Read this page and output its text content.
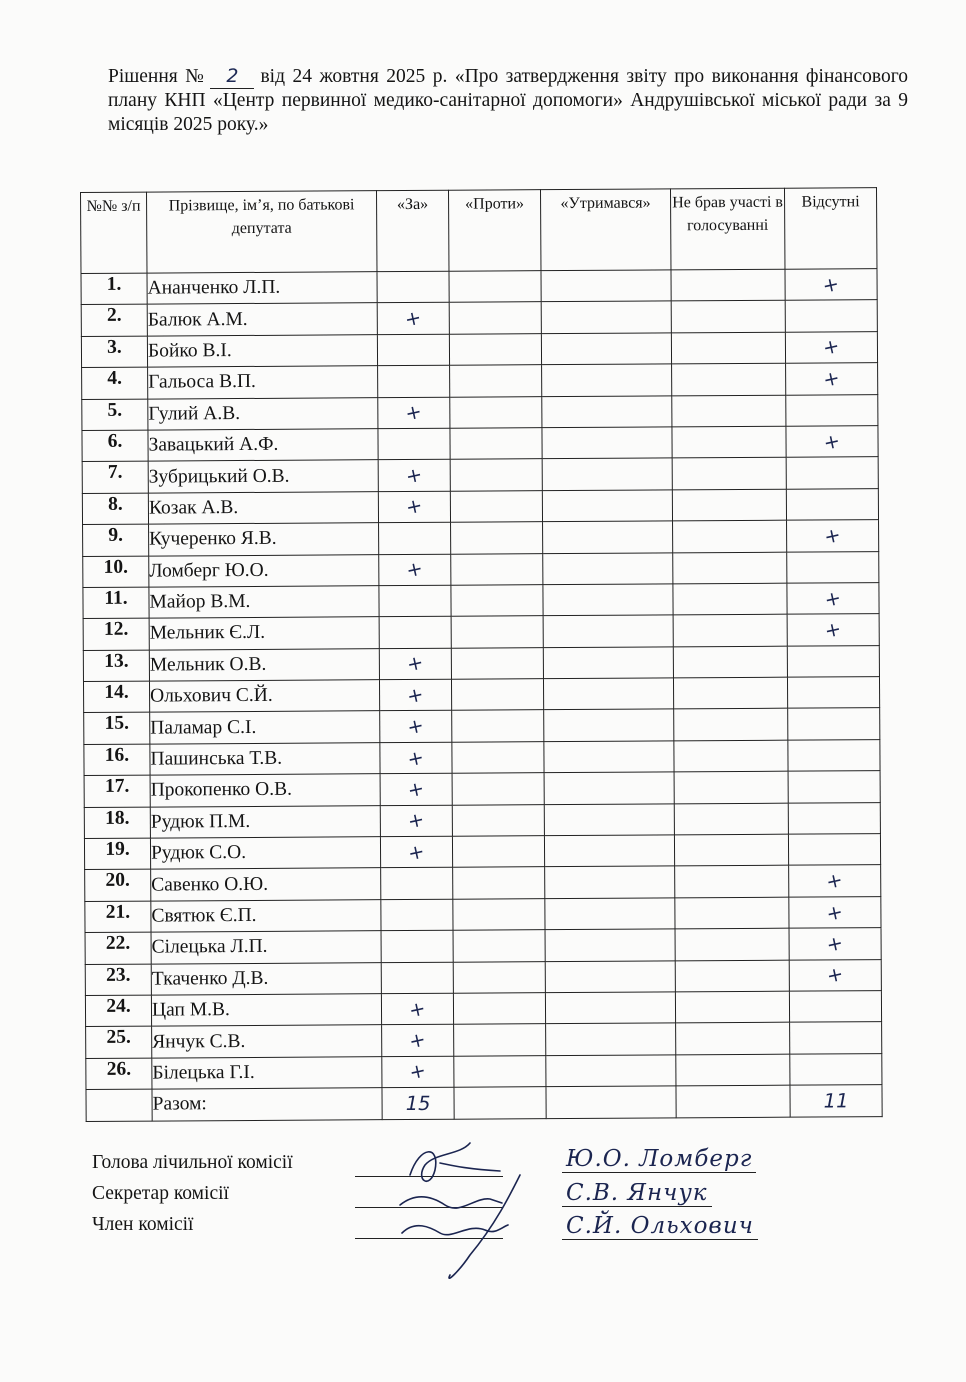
Рішення № 2 від 24 жовтня 2025 р. «Про затвердження звіту про виконання фінансового плану КНП «Центр первинної медико-санітарної допомоги» Андрушівської міської ради за 9 місяців 2025 року.»
№№ з/п	Прізвище, ім’я, по батькові депутата	«За»	«Проти»	«Утримався»	Не брав участі в голосуванні	Відсутні
1.	Ананченко Л.П.					+
2.	Балюк А.М.	+				
3.	Бойко В.І.					+
4.	Гальоса В.П.					+
5.	Гулий А.В.	+				
6.	Завацький А.Ф.					+
7.	Зубрицький О.В.	+				
8.	Козак А.В.	+				
9.	Кучеренко Я.В.					+
10.	Ломберг Ю.О.	+				
11.	Майор В.М.					+
12.	Мельник Є.Л.					+
13.	Мельник О.В.	+				
14.	Ольхович С.Й.	+				
15.	Паламар С.І.	+				
16.	Пашинська Т.В.	+				
17.	Прокопенко О.В.	+				
18.	Рудюк П.М.	+				
19.	Рудюк С.О.	+				
20.	Савенко О.Ю.					+
21.	Святюк Є.П.					+
22.	Сілецька Л.П.					+
23.	Ткаченко Д.В.					+
24.	Цап М.В.	+				
25.	Янчук С.В.	+				
26.	Білецька Г.І.	+				
	Разом:	15				11
Голова лічильної комісії
Секретар комісії
Член комісії
Ю.О. Ломберг
С.В. Янчук
С.Й. Ольхович
